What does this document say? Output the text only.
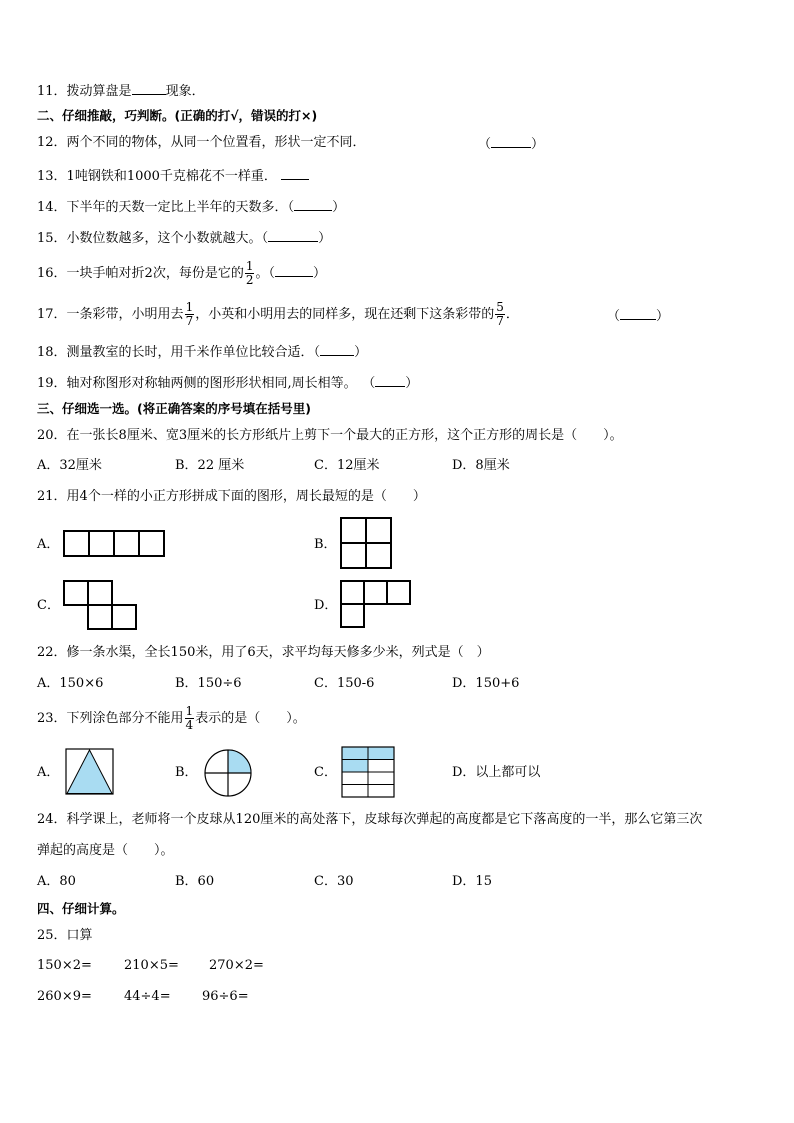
11．拨动算盘是	现象．
二、仔细推敲，巧判断。(正确的打√，错误的打×)
12．两个不同的物体，从同一个位置看，形状一定不同．	（	）
13．1吨钢铁和1000千克棉花不一样重．
14．下半年的天数一定比上半年的天数多．（	）
15．小数位数越多，这个小数就越大。（	）
16．一块手帕对折2次，每份是它的 $\frac{1}{2}$ 。（	）
17．一条彩带，小明用去 $\frac{1}{7}$ ，小英和小明用去的同样多，现在还剩下这条彩带的 $\frac{5}{7}$ ．	（	）
18．测量教室的长时，用千米作单位比较合适．（	）
19．轴对称图形对称轴两侧的图形形状相同,周长相等。 （ ）
三、仔细选一选。(将正确答案的序号填在括号里)
20．在一张长8厘米、宽3厘米的长方形纸片上剪下一个最大的正方形，这个正方形的周长是（　　）。
A．32厘米	B．22 厘米	C．12厘米	D．8厘米
21．用4个一样的小正方形拼成下面的图形，周长最短的是（　　）
A．	B．
C．	D．
22．修一条水渠，全长150米，用了6天，求平均每天修多少米，列式是（　）
A．150×6	B．150÷6	C．150-6	D．150+6
23．下列涂色部分不能用 $\frac{1}{4}$ 表示的是（　　）。
A．	B．	C．	D．以上都可以
24．科学课上，老师将一个皮球从120厘米的高处落下，皮球每次弹起的高度都是它下落高度的一半，那么它第三次
弹起的高度是（　　）。
A．80	B．60	C．30	D．15
四、仔细计算。
25．口算
150×2= 210×5= 270×2=
260×9= 44÷4= 96÷6=
